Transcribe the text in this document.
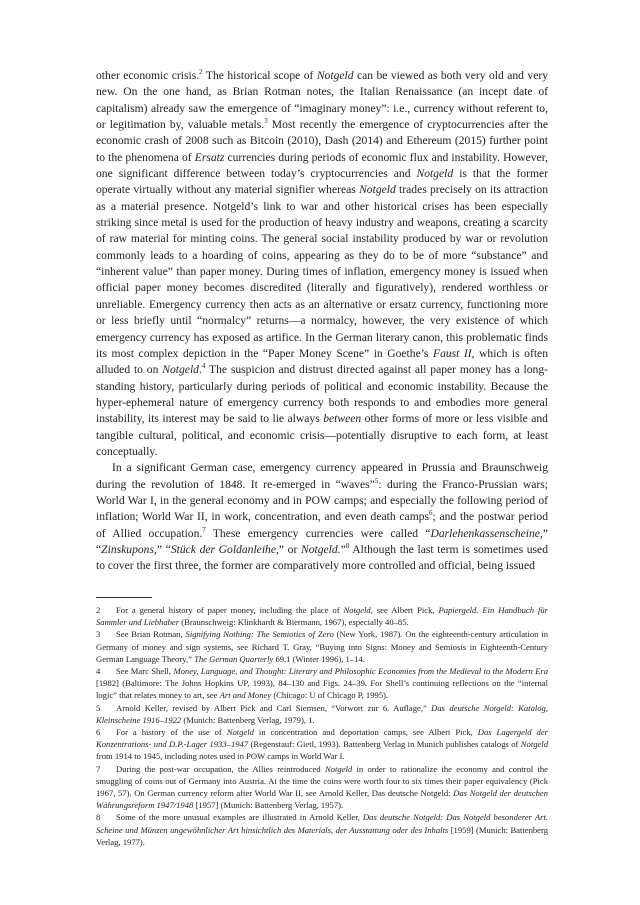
other economic crisis.$^2$ The historical scope of Notgeld can be viewed as both very old and very new. On the one hand, as Brian Rotman notes, the Italian Renaissance (an incept date of capitalism) already saw the emergence of “imaginary money”: i.e., currency without referent to, or legitimation by, valuable metals.$^3$ Most recently the emergence of cryptocurrencies after the economic crash of 2008 such as Bitcoin (2010), Dash (2014) and Ethereum (2015) further point to the phenomena of Ersatz currencies during periods of economic flux and instability. However, one significant difference between today’s cryptocurrencies and Notgeld is that the former operate virtually without any material signifier whereas Notgeld trades precisely on its attraction as a material presence. Notgeld’s link to war and other historical crises has been especially striking since metal is used for the production of heavy industry and weapons, creating a scarcity of raw material for minting coins. The general social instability produced by war or revolution commonly leads to a hoarding of coins, appearing as they do to be of more “substance” and “inherent value” than paper money. During times of inflation, emergency money is issued when official paper money becomes discredited (literally and figuratively), rendered worthless or unreliable. Emergency currency then acts as an alternative or ersatz currency, functioning more or less briefly until “normalcy” returns—a normalcy, however, the very existence of which emergency currency has exposed as artifice. In the German literary canon, this problematic finds its most complex depiction in the “Paper Money Scene” in Goethe’s Faust II, which is often alluded to on Notgeld.$^4$ The suspicion and distrust directed against all paper money has a long-standing history, particularly during periods of political and economic instability. Because the hyper-ephemeral nature of emergency currency both responds to and embodies more general instability, its interest may be said to lie always between other forms of more or less visible and tangible cultural, political, and economic crisis—potentially disruptive to each form, at least conceptually.

In a significant German case, emergency currency appeared in Prussia and Braunschweig during the revolution of 1848. It re-emerged in “waves”$^5$: during the Franco-Prussian wars; World War I, in the general economy and in POW camps; and especially the following period of inflation; World War II, in work, concentration, and even death camps$^6$; and the postwar period of Allied occupation.$^7$ These emergency currencies were called “Darlehenkassenscheine,” “Zinskupons,” “Stück der Goldanleihe,” or Notgeld.”$^8$ Although the last term is sometimes used to cover the first three, the former are comparatively more controlled and official, being issued

2 For a general history of paper money, including the place of Notgeld, see Albert Pick, Papiergeld. Ein Handbuch für Sammler und Liebhaber (Braunschweig: Klinkhardt & Biermann, 1967), especially 40–85.

3 See Brian Rotman, Signifying Nothing: The Semiotics of Zero (New York, 1987). On the eighteenth-century articulation in Germany of money and sign systems, see Richard T. Gray, “Buying into Signs: Money and Semiosis in Eighteenth-Century German Language Theory,” The German Quarterly 69.1 (Winter 1996), 1–14.

4 See Marc Shell, Money, Language, and Thought: Literary and Philosophic Economies from the Medieval to the Modern Era [1982] (Baltimore: The Johns Hopkins UP, 1993), 84–130 and Figs. 24–39. For Shell’s continuing reflections on the “internal logic” that relates money to art, see Art and Money (Chicago: U of Chicago P, 1995).

5 Arnold Keller, revised by Albert Pick and Carl Siemsen, “Vorwort zur 6. Auflage,” Das deutsche Notgeld: Katalog, Kleinscheine 1916–1922 (Munich: Battenberg Verlag, 1979), 1.

6 For a history of the use of Notgeld in concentration and deportation camps, see Albert Pick, Das Lagergeld der Konzentrations- und D.P.-Lager 1933–1947 (Regenstauf: Gietl, 1993). Battenberg Verlag in Munich publishes catalogs of Notgeld from 1914 to 1945, including notes used in POW camps in World War I.

7 During the post-war occupation, the Allies reintroduced Notgeld in order to rationalize the economy and control the smuggling of coins out of Germany into Austria. At the time the coins were worth four to six times their paper equivalency (Pick 1967, 57). On German currency reform after World War II, see Arnold Keller, Das deutsche Notgeld: Das Notgeld der deutschen Währungsreform 1947/1948 [1957] (Munich: Battenberg Verlag, 1957).

8 Some of the more unusual examples are illustrated in Arnold Keller, Das deutsche Notgeld: Das Notgeld besonderer Art. Scheine und Münzen ungewöhnlicher Art hinsichtlich des Materials, der Ausstattung oder des Inhalts [1959] (Munich: Battenberg Verlag, 1977).
